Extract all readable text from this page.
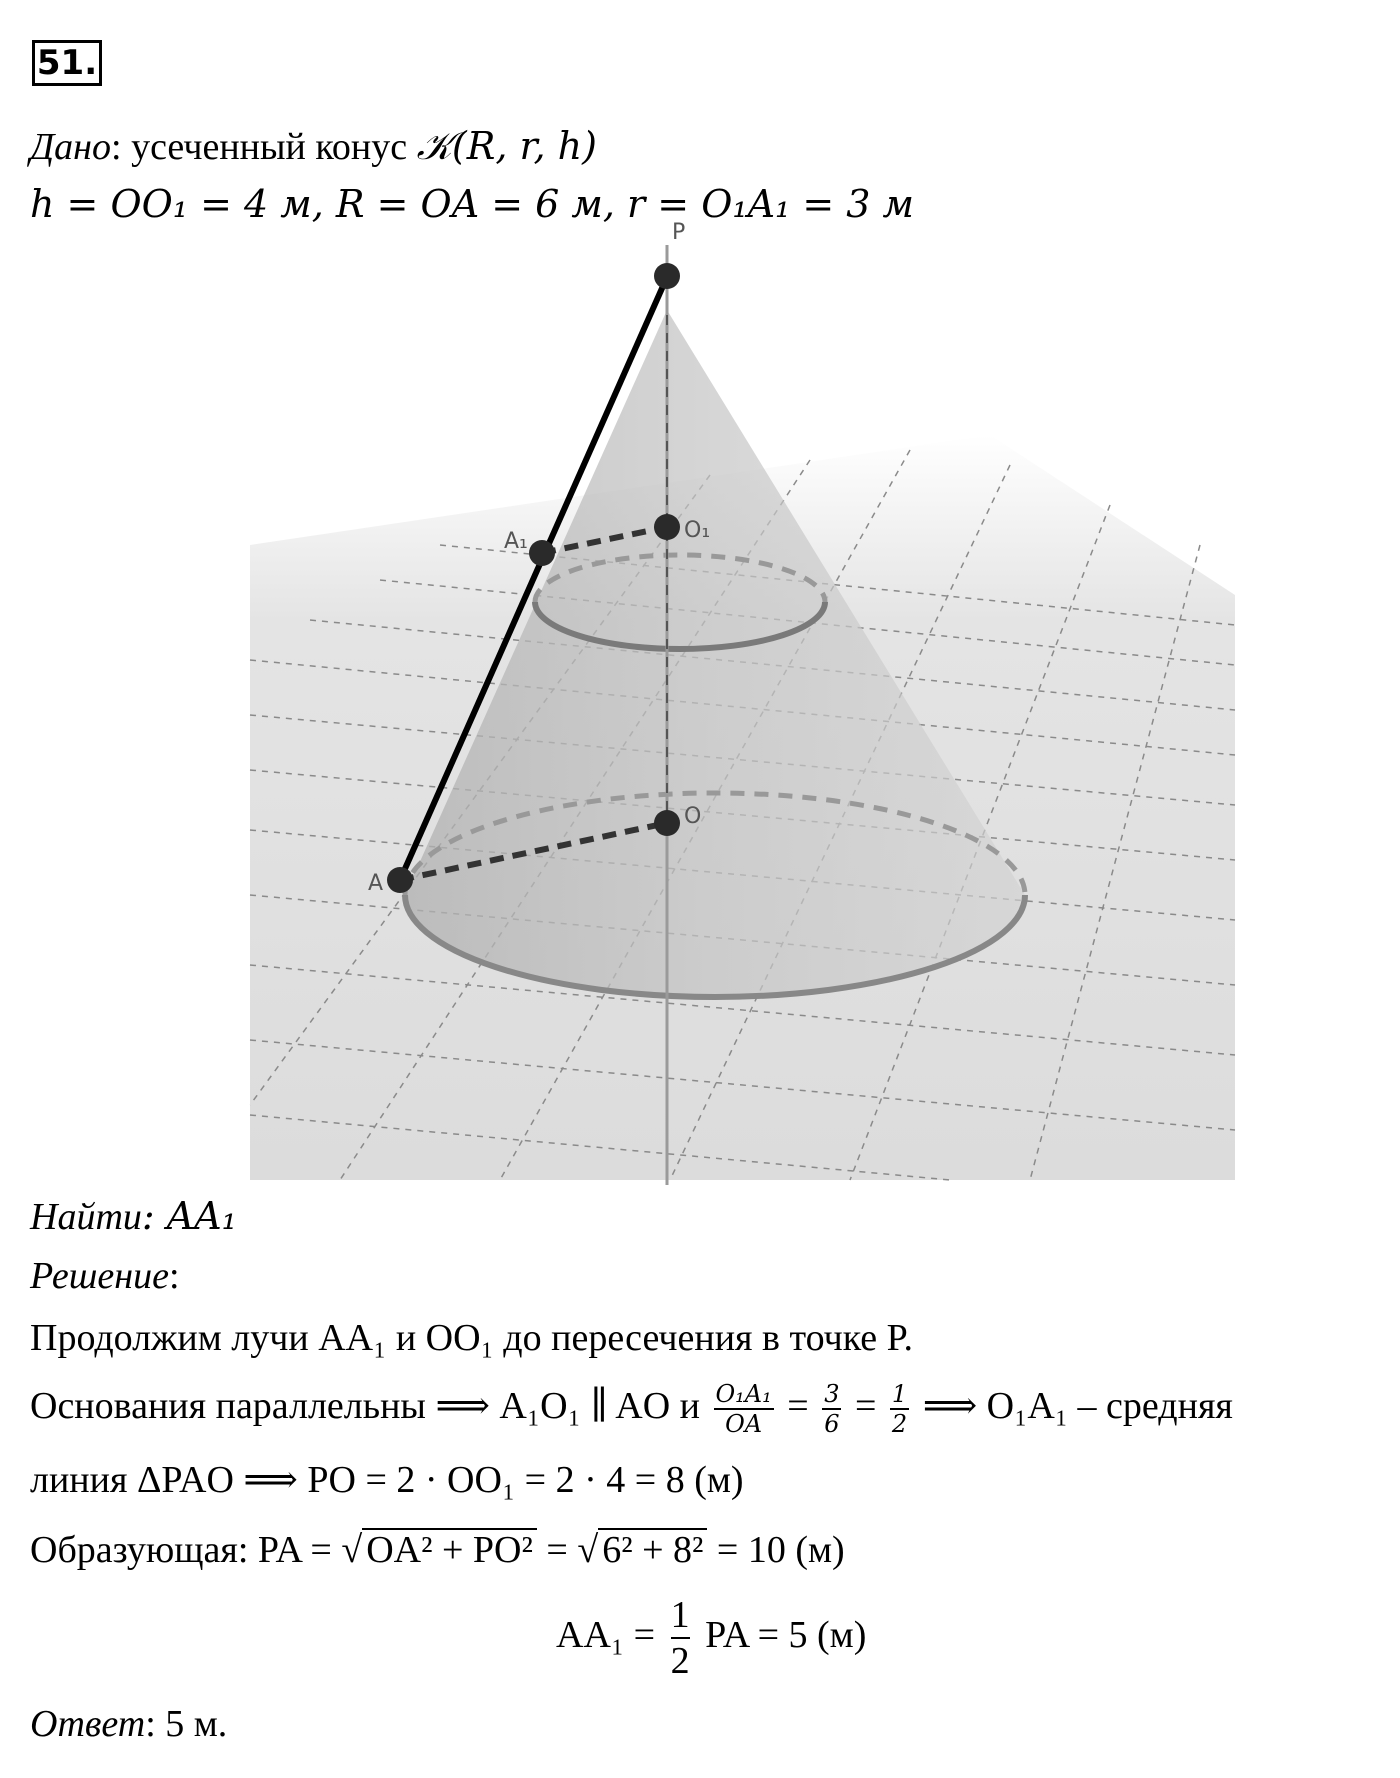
51.
Дано: усеченный конус 𝒦(R, r, h)
h = OO₁ = 4 м, R = OA = 6 м, r = O₁A₁ = 3 м
P
O₁
A₁
O
A
Найти: AA₁
Решение:
Продолжим лучи AA₁ и OO₁ до пересечения в точке P.
Основания параллельны ⟹ A₁O₁ ∥ AO и $\frac{\text{O₁A₁}}{OA} = \frac{3}{6} = \frac{1}{2}$ ⟹ O₁A₁ – средняя
линия ΔPAO ⟹ PO = 2 · OO₁ = 2 · 4 = 8 (м)
Образующая: PA = √ OA² + PO² = √ 6² + 8² = 10 (м)
$AA_1 = \frac{1}{2}$ PA = 5 (м)
Ответ: 5 м.
